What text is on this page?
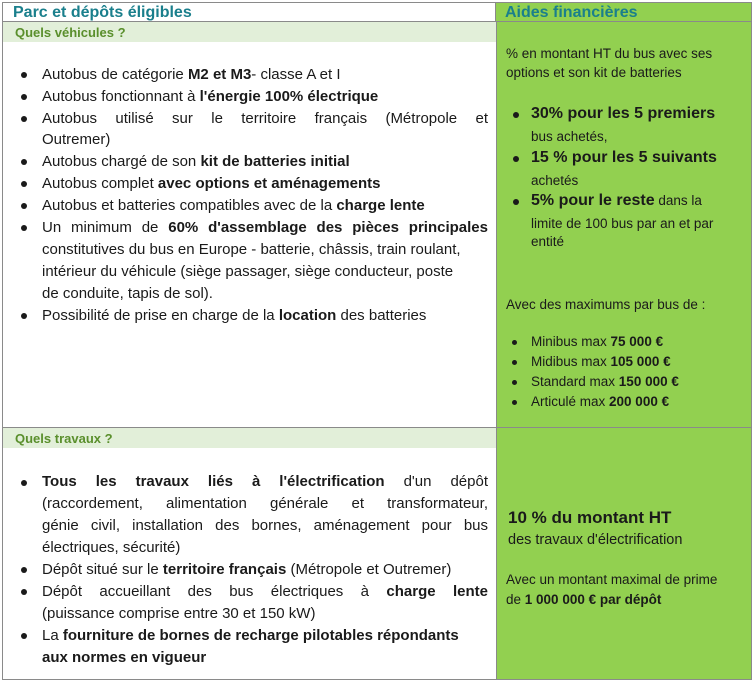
Parc et dépôts éligibles	Aides financières
Quels véhicules ?
Autobus de catégorie M2 et M3- classe A et I
Autobus fonctionnant à l'énergie 100% électrique
Autobus utilisé sur le territoire français (Métropole et
Outremer)
Autobus chargé de son kit de batteries initial
Autobus complet avec options et aménagements
Autobus et batteries compatibles avec de la charge lente
Un minimum de 60% d'assemblage des pièces principales
constitutives du bus en Europe - batterie, châssis, train roulant,
intérieur du véhicule (siège passager, siège conducteur, poste
de conduite, tapis de sol).
Possibilité de prise en charge de la location des batteries
% en montant HT du bus avec ses
options et son kit de batteries
30% pour les 5 premiers
bus achetés,
15 % pour les 5 suivants
achetés
5% pour le reste dans la
limite de 100 bus par an et par
entité
Avec des maximums par bus de :
Minibus max 75 000 €
Midibus max 105 000 €
Standard max 150 000 €
Articulé max 200 000 €
Quels travaux ?
Tous les travaux liés à l'électrification d'un dépôt
(raccordement, alimentation générale et transformateur,
génie civil, installation des bornes, aménagement pour bus
électriques, sécurité)
Dépôt situé sur le territoire français (Métropole et Outremer)
Dépôt accueillant des bus électriques à charge lente
(puissance comprise entre 30 et 150 kW)
La fourniture de bornes de recharge pilotables répondants
aux normes en vigueur
10 % du montant HT
des travaux d'électrification
Avec un montant maximal de prime
de 1 000 000 € par dépôt
